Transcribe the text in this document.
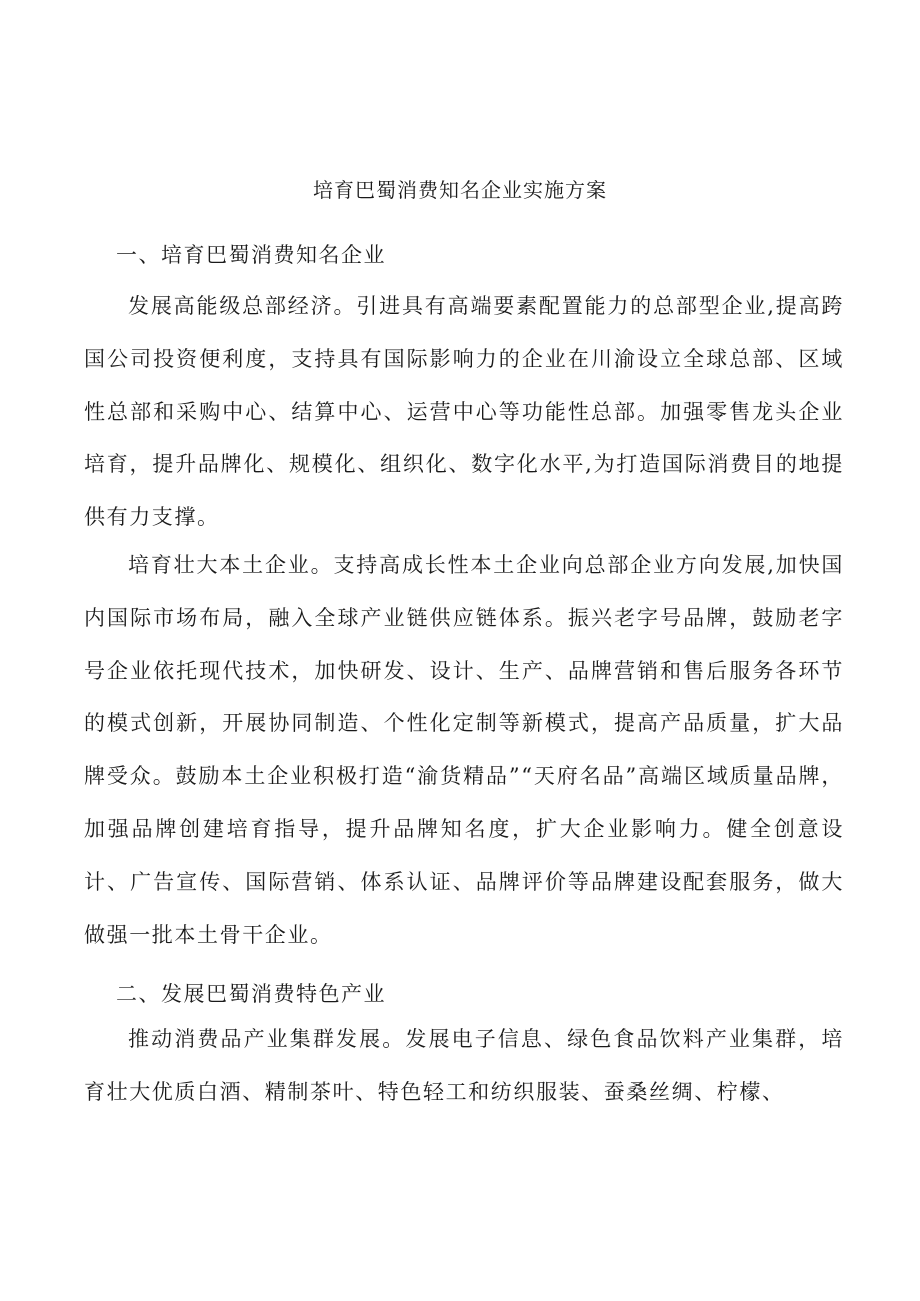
培育巴蜀消费知名企业实施方案
一、培育巴蜀消费知名企业

发展高能级总部经济。引进具有高端要素配置能力的总部型企业,提高跨国公司投资便利度，支持具有国际影响力的企业在川渝设立全球总部、区域性总部和采购中心、结算中心、运营中心等功能性总部。加强零售龙头企业培育，提升品牌化、规模化、组织化、数字化水平,为打造国际消费目的地提供有力支撑。

培育壮大本土企业。支持高成长性本土企业向总部企业方向发展,加快国内国际市场布局，融入全球产业链供应链体系。振兴老字号品牌，鼓励老字号企业依托现代技术，加快研发、设计、生产、品牌营销和售后服务各环节的模式创新，开展协同制造、个性化定制等新模式，提高产品质量，扩大品牌受众。鼓励本土企业积极打造“渝货精品”“天府名品”高端区域质量品牌，加强品牌创建培育指导，提升品牌知名度，扩大企业影响力。健全创意设计、广告宣传、国际营销、体系认证、品牌评价等品牌建设配套服务，做大做强一批本土骨干企业。

二、发展巴蜀消费特色产业

推动消费品产业集群发展。发展电子信息、绿色食品饮料产业集群，培育壮大优质白酒、精制茶叶、特色轻工和纺织服装、蚕桑丝绸、柠檬、
